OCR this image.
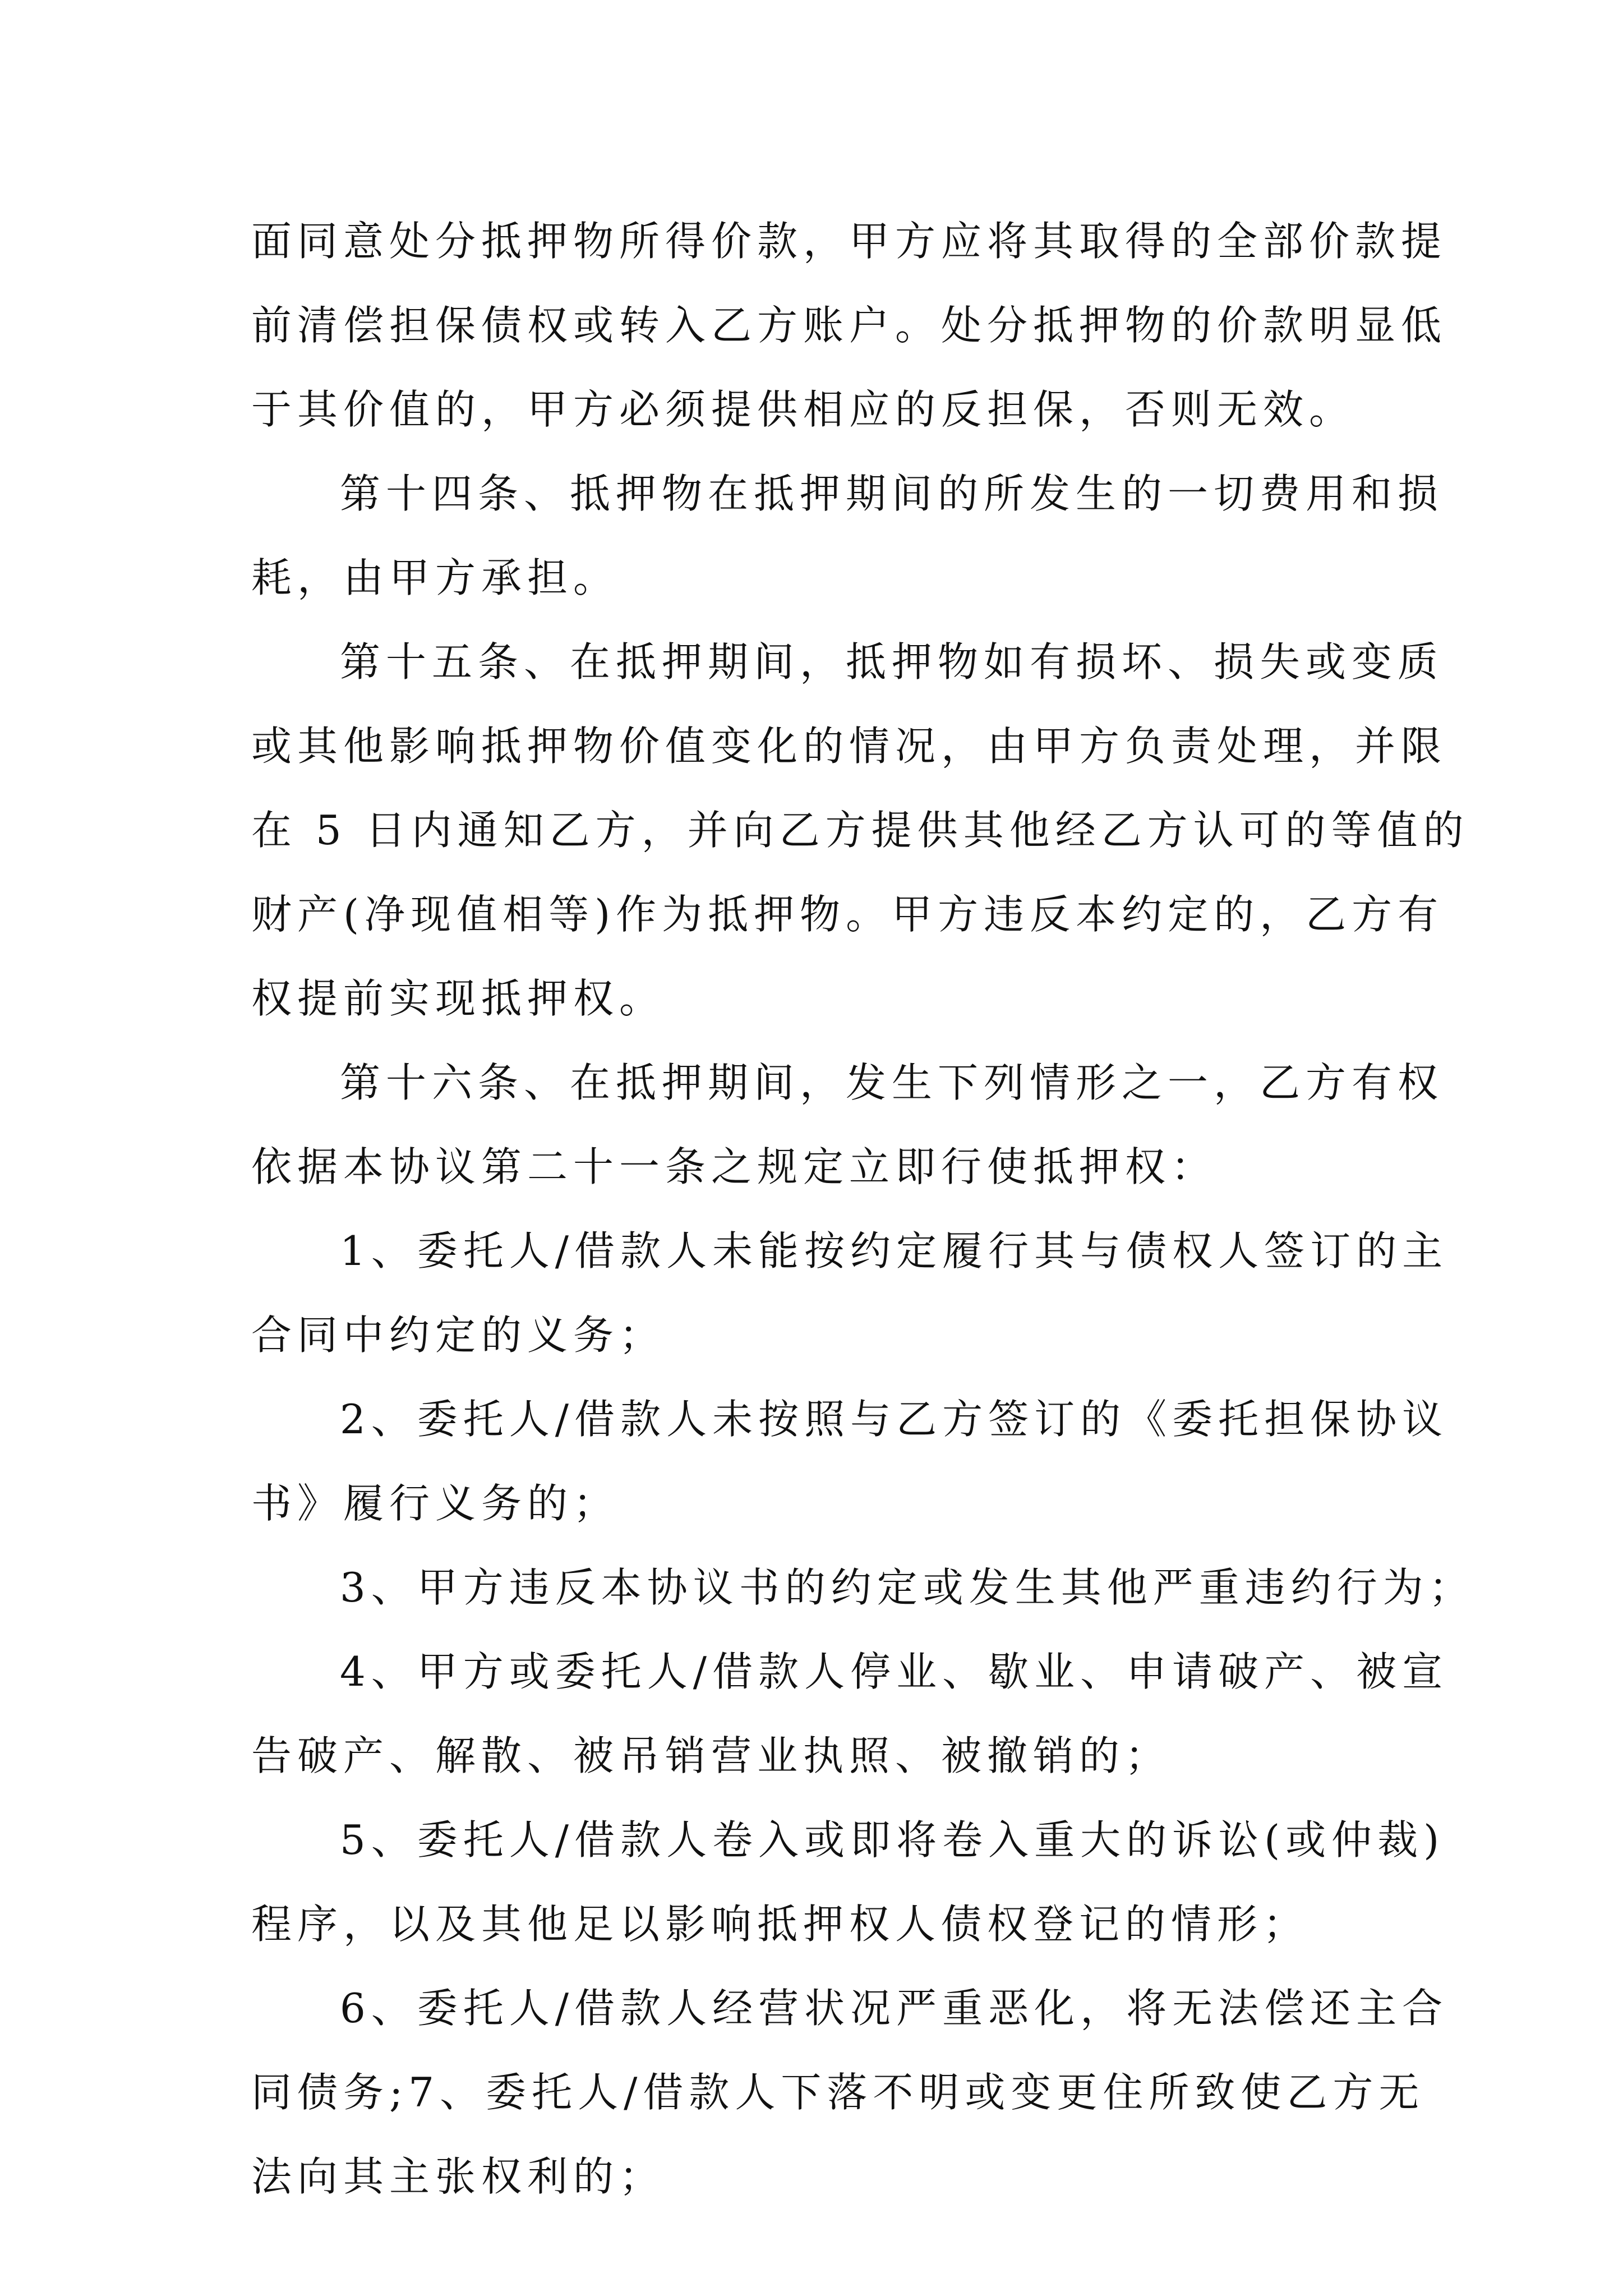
面同意处分抵押物所得价款，甲方应将其取得的全部价款提
前清偿担保债权或转入乙方账户。处分抵押物的价款明显低
于其价值的，甲方必须提供相应的反担保，否则无效。
第十四条、抵押物在抵押期间的所发生的一切费用和损
耗，由甲方承担。
第十五条、在抵押期间，抵押物如有损坏、损失或变质
或其他影响抵押物价值变化的情况，由甲方负责处理，并限
在 5 日内通知乙方，并向乙方提供其他经乙方认可的等值的
财产(净现值相等)作为抵押物。甲方违反本约定的，乙方有
权提前实现抵押权。
第十六条、在抵押期间，发生下列情形之一，乙方有权
依据本协议第二十一条之规定立即行使抵押权：
1、委托人/借款人未能按约定履行其与债权人签订的主
合同中约定的义务；
2、委托人/借款人未按照与乙方签订的《委托担保协议
书》履行义务的；
3、甲方违反本协议书的约定或发生其他严重违约行为；
4、甲方或委托人/借款人停业、歇业、申请破产、被宣
告破产、解散、被吊销营业执照、被撤销的；
5、委托人/借款人卷入或即将卷入重大的诉讼(或仲裁)
程序，以及其他足以影响抵押权人债权登记的情形；
6、委托人/借款人经营状况严重恶化，将无法偿还主合
同债务;7、委托人/借款人下落不明或变更住所致使乙方无
法向其主张权利的；
